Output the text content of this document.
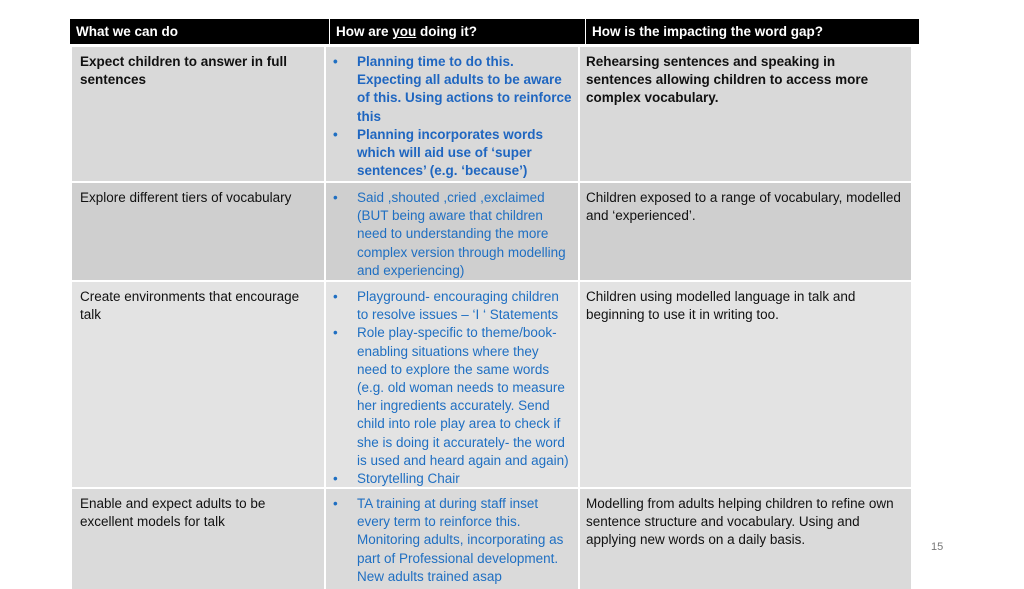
What we can do	How are you doing it?	How is the impacting the word gap?
Expect children to answer in full sentences
• Planning time to do this. Expecting all adults to be aware of this. Using actions to reinforce this
• Planning incorporates words which will aid use of ‘super sentences’ (e.g. ‘because’)
Rehearsing sentences and speaking in sentences allowing children to access more complex vocabulary.
Explore different tiers of vocabulary
•	Said ,shouted ,cried ,exclaimed (BUT being aware that children need to understanding the more complex version through modelling and experiencing)
Children exposed to a range of vocabulary, modelled and ‘experienced’.
Create environments that encourage talk
• Playground- encouraging children to resolve issues – ‘I ‘ Statements
• Role play-specific to theme/book- enabling situations where they need to explore the same words (e.g. old woman needs to measure her ingredients accurately. Send child into role play area to check if she is doing it accurately- the word is used and heard again and again)
• Storytelling Chair
Children using modelled language in talk and beginning to use it in writing too.
Enable and expect adults to be excellent models for talk
• TA training at during staff inset every term to reinforce this. Monitoring adults, incorporating as part of Professional development. New adults trained asap
Modelling from adults helping children to refine own sentence structure and vocabulary. Using and applying new words on a daily basis.	15
